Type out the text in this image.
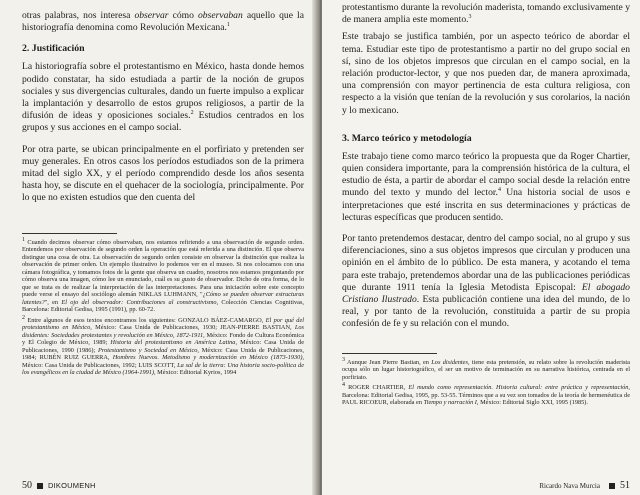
otras palabras, nos interesa observar cómo observaban aquello que la historiografía denomina como Revolución Mexicana.$^1$

2. Justificación

La historiografía sobre el protestantismo en México, hasta donde hemos podido constatar, ha sido estudiada a partir de la noción de grupos sociales y sus divergencias culturales, dando un fuerte impulso a explicar la implantación y desarrollo de estos grupos religiosos, a partir de la difusión de ideas y oposiciones sociales.$^2$ Estudios centrados en los grupos y sus acciones en el campo social.

Por otra parte, se ubican principalmente en el porfiriato y pretenden ser muy generales. En otros casos los períodos estudiados son de la primera mitad del siglo XX, y el período comprendido desde los años sesenta hasta hoy, se discute en el quehacer de la sociología, principalmente. Por lo que no existen estudios que den cuenta del

$^1$ Cuando decimos observar cómo observaban, nos estamos refiriendo a una observación de segundo orden. Entendemos por observación de segundo orden la operación que está referida a una distinción. El que observa distingue una cosa de otra. La observación de segundo orden consiste en observar la distinción que realiza la observación de primer orden. Un ejemplo ilustrativo lo podemos ver en el museo. Si nos colocamos con una cámara fotográfica, y tomamos fotos de la gente que observa un cuadro, nosotros nos estamos preguntando por cómo observa una imagen, cómo lee un enunciado, cuál es su gusto de observador. Dicho de otra forma, de lo que se trata es de realizar la interpretación de las interpretaciones. Para una iniciación sobre este concepto puede verse el ensayo del sociólogo alemán NIKLAS LUHMANN, "¿Cómo se pueden observar estructuras latentes?", en El ojo del observador: Contribuciones al constructivismo, Colección Ciencias Cognitivas, Barcelona: Editorial Gedisa, 1995 (1991), pp. 60-72.

$^2$ Entre algunos de esos textos encontramos los siguientes: GONZALO BÁEZ-CAMARGO, El por qué del protestantismo en México, México: Casa Unida de Publicaciones, 1930; JEAN-PIERRE BASTIAN, Los disidentes: Sociedades protestantes y revolución en México, 1872-1911, México: Fondo de Cultura Económica y El Colegio de México, 1989; Historia del protestantismo en América Latina, México: Casa Unida de Publicaciones, 1990 (1986); Protestantismo y Sociedad en México, México: Casa Unida de Publicaciones, 1984; RUBÉN RUIZ GUERRA, Hombres Nuevos. Metodismo y modernización en México (1873-1930), México: Casa Unida de Publicaciones, 1992; LUIS SCOTT, La sal de la tierra: Una historia socio-política de los evangélicos en la ciudad de México (1964-1991), México: Editorial Kyrios, 1994

50 DIKOUMENH

protestantismo durante la revolución maderista, tomando exclusivamente y de manera amplia este momento.$^3$

Este trabajo se justifica también, por un aspecto teórico de abordar el tema. Estudiar este tipo de protestantismo a partir no del grupo social en sí, sino de los objetos impresos que circulan en el campo social, en la relación productor-lector, y que nos pueden dar, de manera aproximada, una comprensión con mayor pertinencia de esta cultura religiosa, con respecto a la visión que tenían de la revolución y sus corolarios, la nación y lo mexicano.

3. Marco teórico y metodología

Este trabajo tiene como marco teórico la propuesta que da Roger Chartier, quien considera importante, para la comprensión histórica de la cultura, el estudio de ésta, a partir de abordar el campo social desde la relación entre mundo del texto y mundo del lector.$^4$ Una historia social de usos e interpretaciones que esté inscrita en sus determinaciones y prácticas de lecturas específicas que producen sentido.

Por tanto pretendemos destacar, dentro del campo social, no al grupo y sus diferenciaciones, sino a sus objetos impresos que circulan y producen una opinión en el ámbito de lo público. De esta manera, y acotando el tema para este trabajo, pretendemos abordar una de las publicaciones periódicas que durante 1911 tenía la Iglesia Metodista Episcopal: El abogado Cristiano Ilustrado. Esta publicación contiene una idea del mundo, de lo real, y por tanto de la revolución, constituida a partir de su propia confesión de fe y su relación con el mundo.

$^3$ Aunque Jean Pierre Bastian, en Los disidentes, tiene esta pretensión, su relato sobre la revolución maderista ocupa sólo un lugar historiográfico, el ser un motivo de terminación en su narrativa histórica, centrada en el porfiriato.

$^4$ ROGER CHARTIER, El mundo como representación. Historia cultural: entre práctica y representación, Barcelona: Editorial Gedisa, 1995, pp. 53-55. Términos que a su vez son tomados de la teoría de hermenéutica de PAUL RICOEUR, elaborada en Tiempo y narración I, México: Editorial Siglo XXI, 1995 (1985).

Ricardo Nava Murcia 51
